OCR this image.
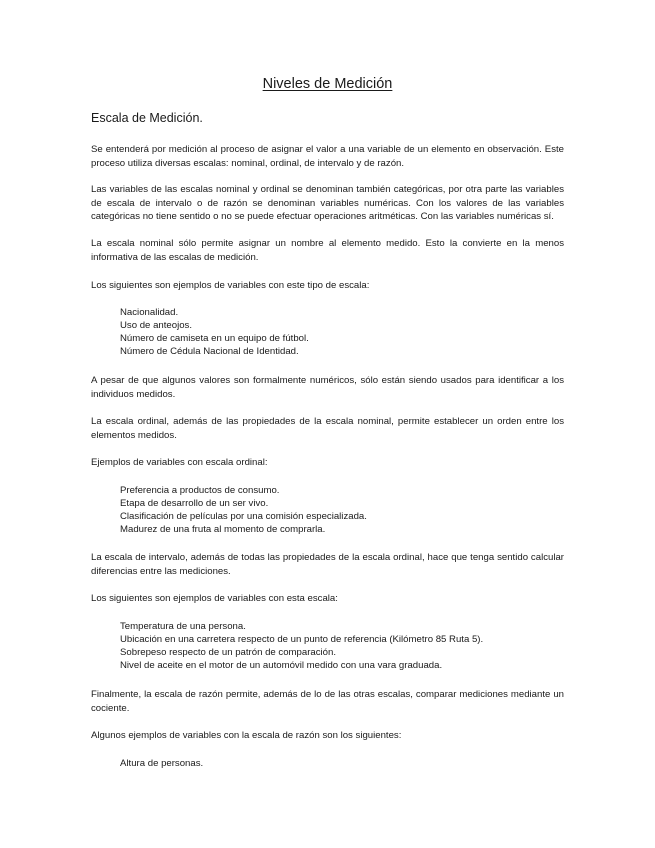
Niveles de Medición
Escala de Medición.
Se entenderá por medición al proceso de asignar el valor a una variable de un elemento en observación. Este proceso utiliza diversas escalas: nominal, ordinal, de intervalo y de razón.
Las variables de las escalas nominal y ordinal se denominan también categóricas, por otra parte las variables de escala de intervalo o de razón se denominan variables numéricas. Con los valores de las variables categóricas no tiene sentido o no se puede efectuar operaciones aritméticas. Con las variables numéricas sí.
La escala nominal sólo permite asignar un nombre al elemento medido. Esto la convierte en la menos informativa de las escalas de medición.
Los siguientes son ejemplos de variables con este tipo de escala:
Nacionalidad.
Uso de anteojos.
Número de camiseta en un equipo de fútbol.
Número de Cédula Nacional de Identidad.
A pesar de que algunos valores son formalmente numéricos, sólo están siendo usados para identificar a los individuos medidos.
La escala ordinal, además de las propiedades de la escala nominal, permite establecer un orden entre los elementos medidos.
Ejemplos de variables con escala ordinal:
Preferencia a productos de consumo.
Etapa de desarrollo de un ser vivo.
Clasificación de películas por una comisión especializada.
Madurez de una fruta al momento de comprarla.
La escala de intervalo, además de todas las propiedades de la escala ordinal, hace que tenga sentido calcular diferencias entre las mediciones.
Los siguientes son ejemplos de variables con esta escala:
Temperatura de una persona.
Ubicación en una carretera respecto de un punto de referencia (Kilómetro 85 Ruta 5).
Sobrepeso respecto de un patrón de comparación.
Nivel de aceite en el motor de un automóvil medido con una vara graduada.
Finalmente, la escala de razón permite, además de lo de las otras escalas, comparar mediciones mediante un cociente.
Algunos ejemplos de variables con la escala de razón son los siguientes:
Altura de personas.
